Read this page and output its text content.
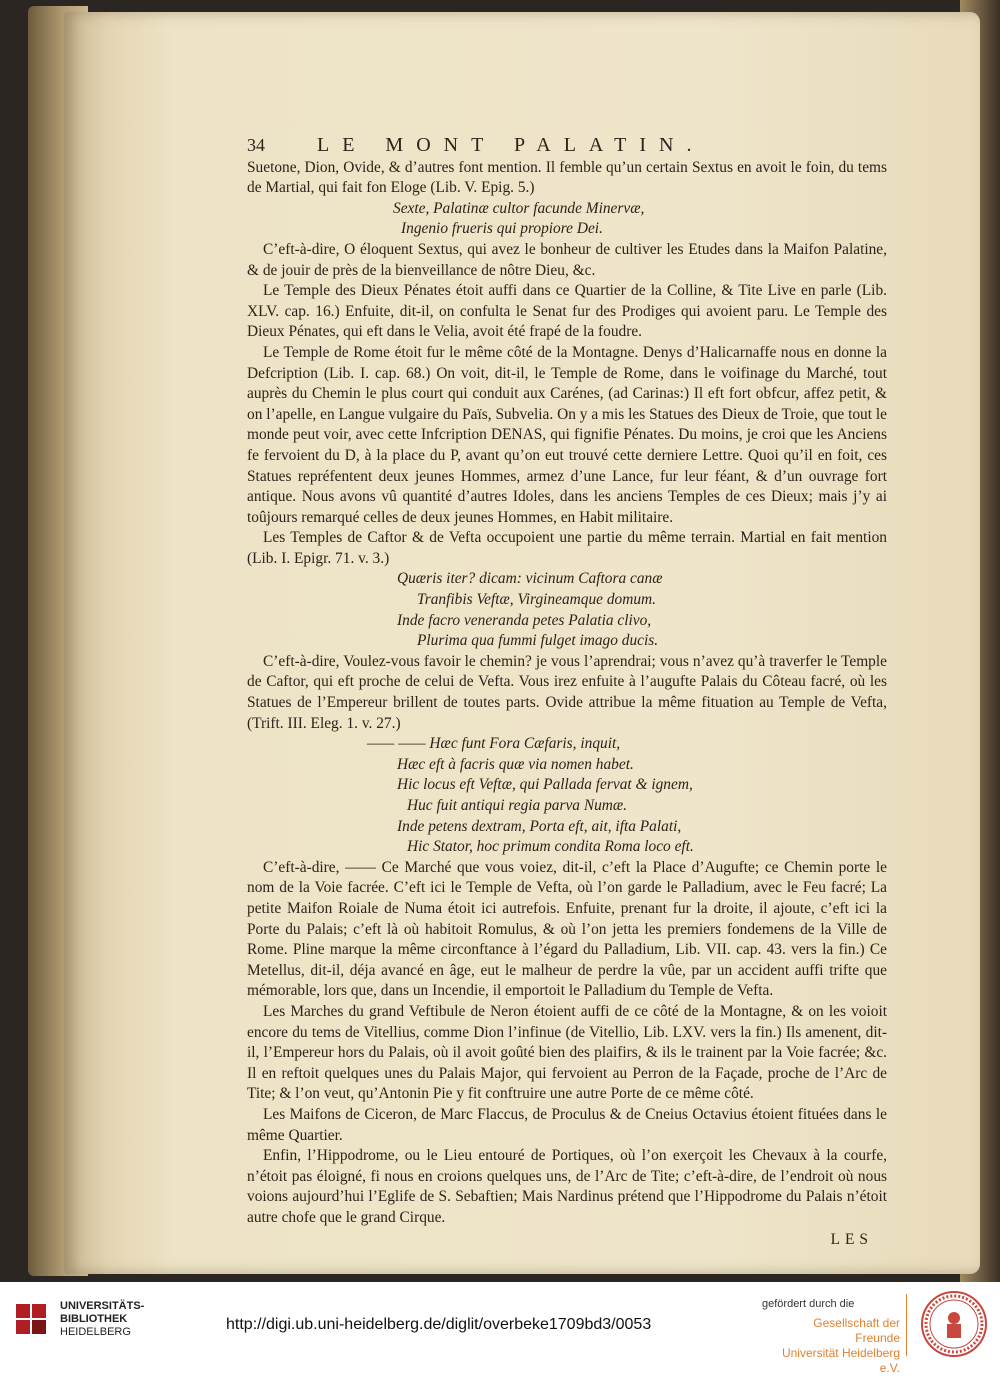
34	LE MONT PALATIN.

Suetone, Dion, Ovide, & d’autres font mention. Il femble qu’un certain Sextus en avoit le foin, du tems de Martial, qui fait fon Eloge (Lib. V. Epig. 5.)

Sexte, Palatinæ cultor facunde Minervæ,

Ingenio frueris qui propiore Dei.

C’eft-à-dire, O éloquent Sextus, qui avez le bonheur de cultiver les Etudes dans la Maifon Palatine, & de jouir de près de la bienveillance de nôtre Dieu, &c.

Le Temple des Dieux Pénates étoit auffi dans ce Quartier de la Colline, & Tite Live en parle (Lib. XLV. cap. 16.) Enfuite, dit-il, on confulta le Senat fur des Prodiges qui avoient paru. Le Temple des Dieux Pénates, qui eft dans le Velia, avoit été frapé de la foudre.

Le Temple de Rome étoit fur le même côté de la Montagne. Denys d’Halicarnaffe nous en donne la Defcription (Lib. I. cap. 68.) On voit, dit-il, le Temple de Rome, dans le voifinage du Marché, tout auprès du Chemin le plus court qui conduit aux Carénes, (ad Carinas:) Il eft fort obfcur, affez petit, & on l’apelle, en Langue vulgaire du Païs, Subvelia. On y a mis les Statues des Dieux de Troie, que tout le monde peut voir, avec cette Infcription DENAS, qui fignifie Pénates. Du moins, je croi que les Anciens fe fervoient du D, à la place du P, avant qu’on eut trouvé cette derniere Lettre. Quoi qu’il en foit, ces Statues repréfentent deux jeunes Hommes, armez d’une Lance, fur leur féant, & d’un ouvrage fort antique. Nous avons vû quantité d’autres Idoles, dans les anciens Temples de ces Dieux; mais j’y ai toûjours remarqué celles de deux jeunes Hommes, en Habit militaire.

Les Temples de Caftor & de Vefta occupoient une partie du même terrain. Martial en fait mention (Lib. I. Epigr. 71. v. 3.)

Quæris iter? dicam: vicinum Caftora canæ

Tranfibis Veftæ, Virgineamque domum.

Inde facro veneranda petes Palatia clivo,

Plurima qua fummi fulget imago ducis.

C’eft-à-dire, Voulez-vous favoir le chemin? je vous l’aprendrai; vous n’avez qu’à traverfer le Temple de Caftor, qui eft proche de celui de Vefta. Vous irez enfuite à l’augufte Palais du Côteau facré, où les Statues de l’Empereur brillent de toutes parts. Ovide attribue la même fituation au Temple de Vefta, (Trift. III. Eleg. 1. v. 27.)

—— —— Hæc funt Fora Cæfaris, inquit,

Hæc eft à facris quæ via nomen habet.

Hic locus eft Veftæ, qui Pallada fervat & ignem,

Huc fuit antiqui regia parva Numæ.

Inde petens dextram, Porta eft, ait, ifta Palati,

Hic Stator, hoc primum condita Roma loco eft.

C’eft-à-dire, —— Ce Marché que vous voiez, dit-il, c’eft la Place d’Augufte; ce Chemin porte le nom de la Voie facrée. C’eft ici le Temple de Vefta, où l’on garde le Palladium, avec le Feu facré; La petite Maifon Roiale de Numa étoit ici autrefois. Enfuite, prenant fur la droite, il ajoute, c’eft ici la Porte du Palais; c’eft là où habitoit Romulus, & où l’on jetta les premiers fondemens de la Ville de Rome. Pline marque la même circonftance à l’égard du Palladium, Lib. VII. cap. 43. vers la fin.) Ce Metellus, dit-il, déja avancé en âge, eut le malheur de perdre la vûe, par un accident auffi trifte que mémorable, lors que, dans un Incendie, il emportoit le Palladium du Temple de Vefta.

Les Marches du grand Veftibule de Neron étoient auffi de ce côté de la Montagne, & on les voioit encore du tems de Vitellius, comme Dion l’infinue (de Vitellio, Lib. LXV. vers la fin.) Ils amenent, dit-il, l’Empereur hors du Palais, où il avoit goûté bien des plaifirs, & ils le trainent par la Voie facrée; &c. Il en reftoit quelques unes du Palais Major, qui fervoient au Perron de la Façade, proche de l’Arc de Tite; & l’on veut, qu’Antonin Pie y fit conftruire une autre Porte de ce même côté.

Les Maifons de Ciceron, de Marc Flaccus, de Proculus & de Cneius Octavius étoient fituées dans le même Quartier.

Enfin, l’Hippodrome, ou le Lieu entouré de Portiques, où l’on exerçoit les Chevaux à la courfe, n’étoit pas éloigné, fi nous en croions quelques uns, de l’Arc de Tite; c’eft-à-dire, de l’endroit où nous voions aujourd’hui l’Eglife de S. Sebaftien; Mais Nardinus prétend que l’Hippodrome du Palais n’étoit autre chofe que le grand Cirque.

LES
UNIVERSITÄTS-
BIBLIOTHEK
HEIDELBERG	http://digi.ub.uni-heidelberg.de/diglit/overbeke1709bd3/0053
gefördert durch die
Gesellschaft der Freunde
Universität Heidelberg e.V.
